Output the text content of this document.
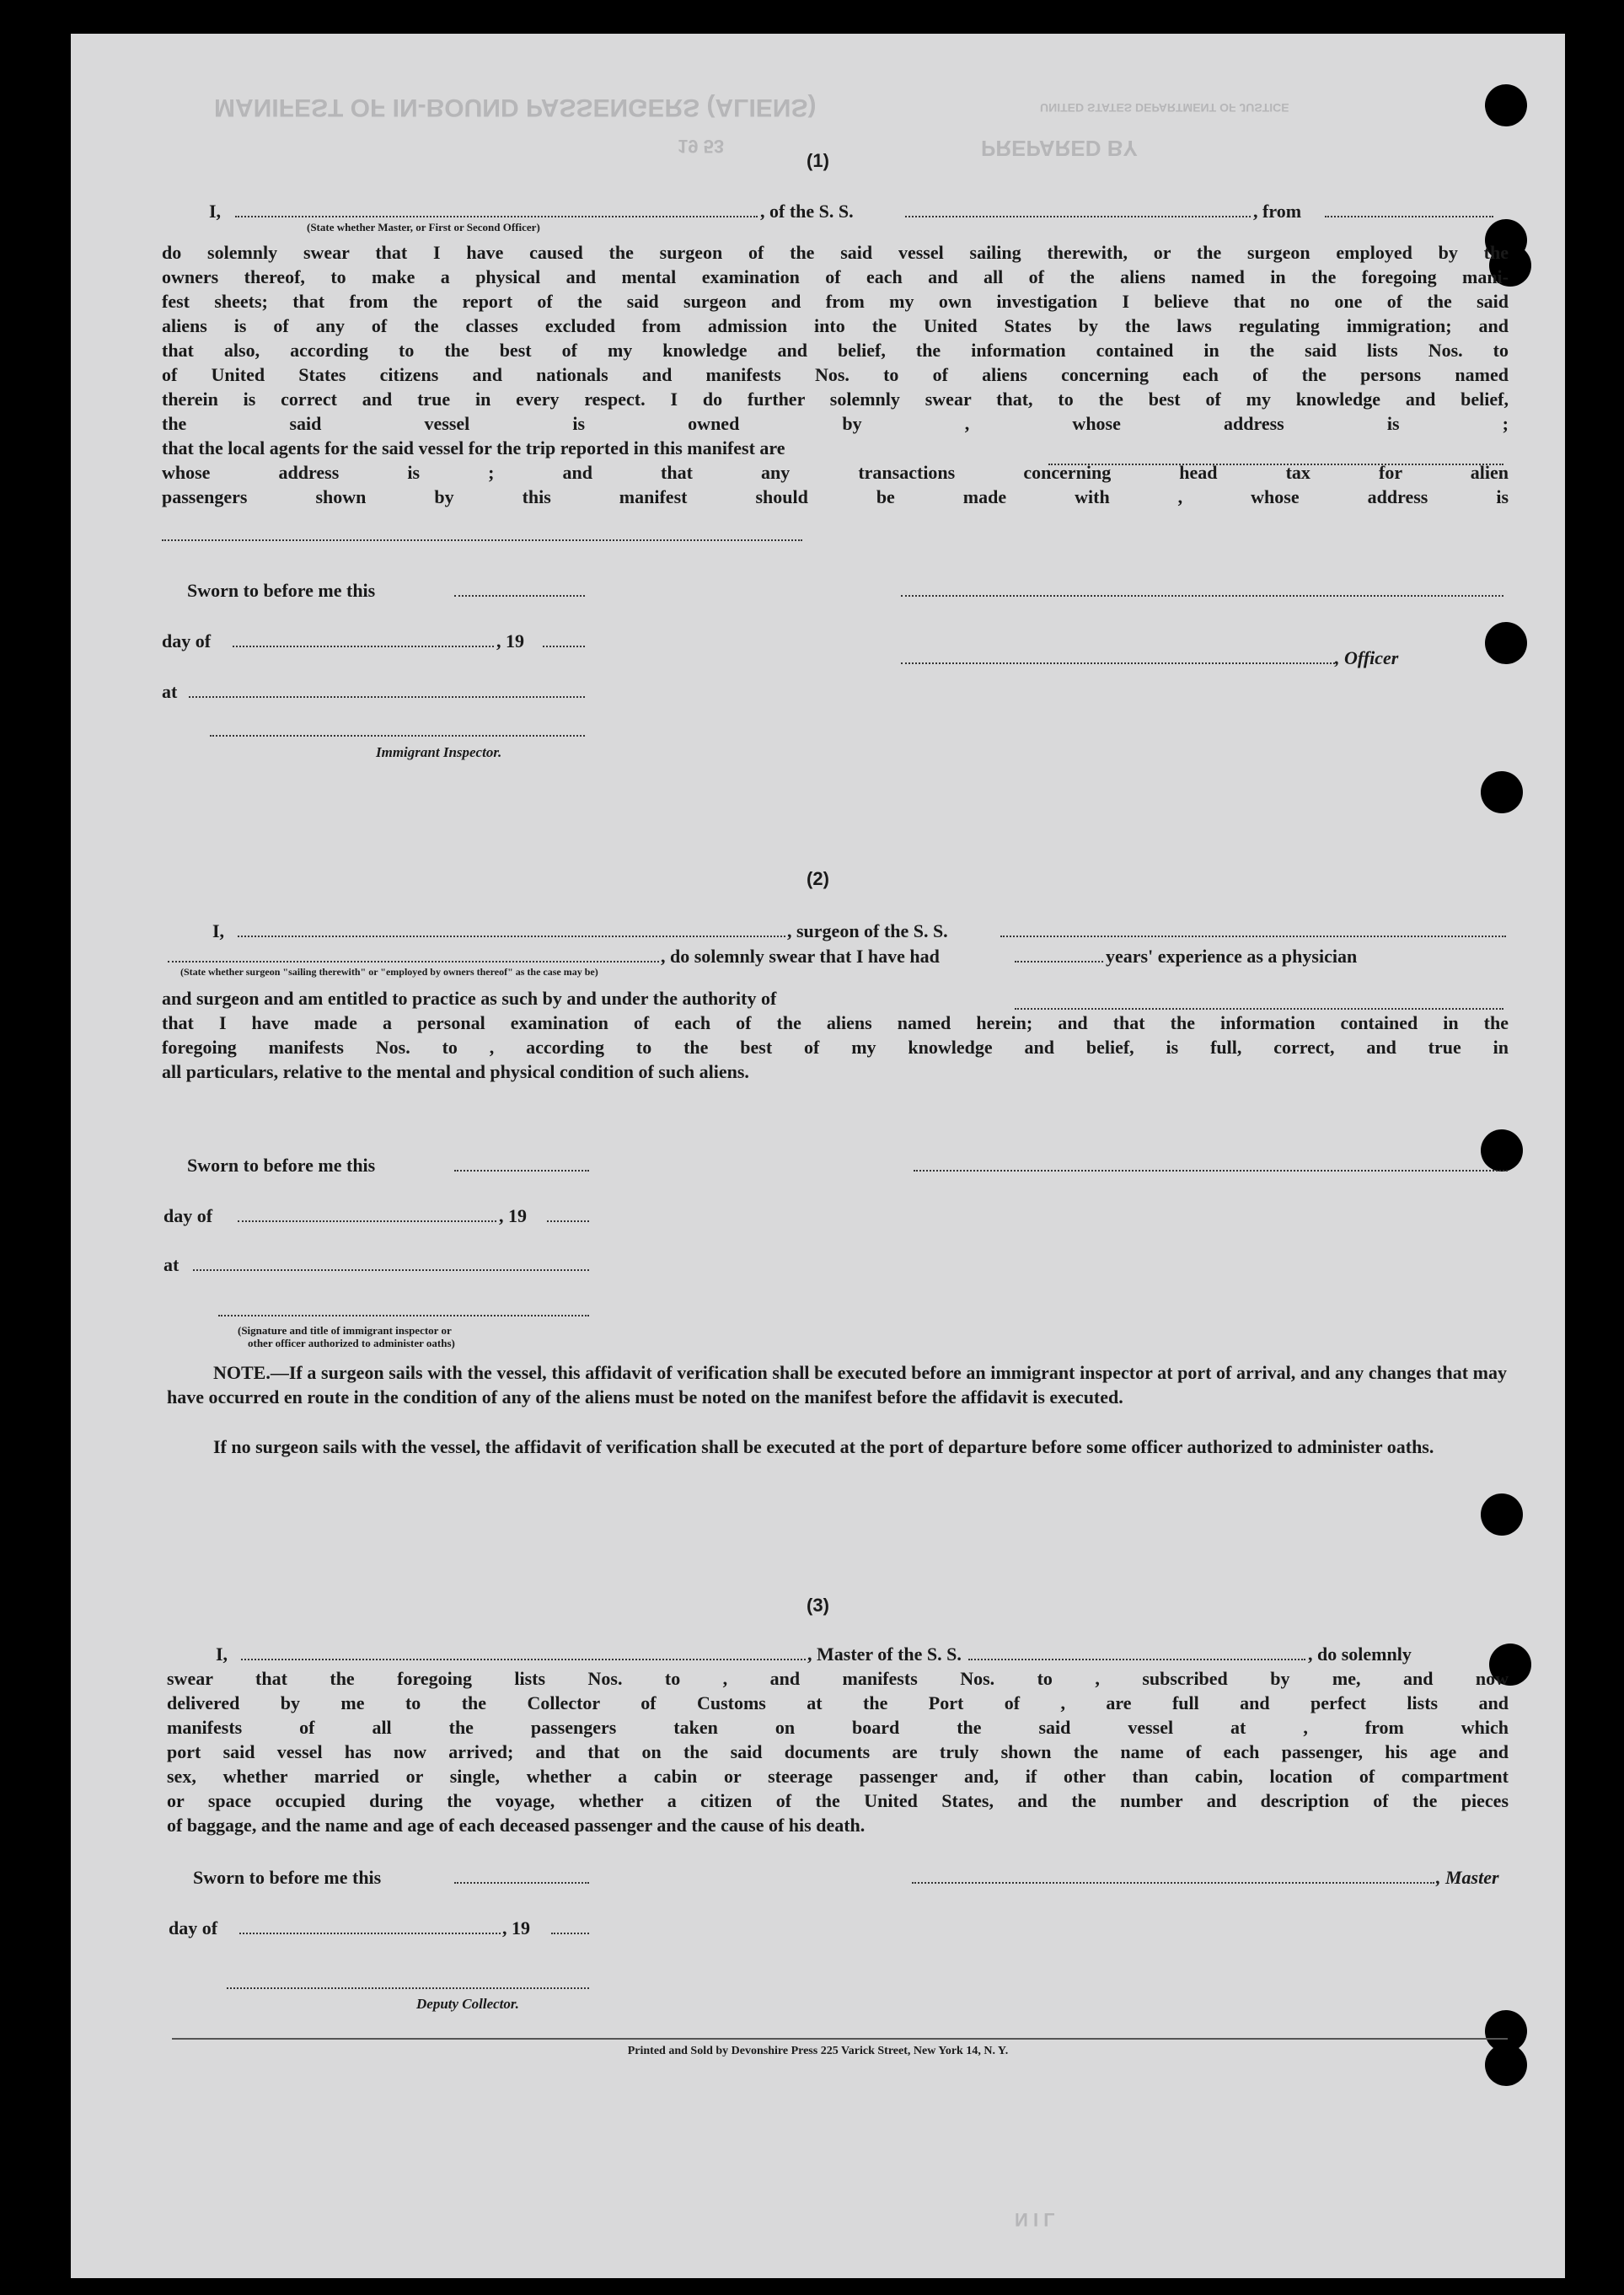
MANIFEST OF IN-BOUND PASSENGERS (ALIENS)
PREPARED BY
UNITED STATES DEPARTMENT OF JUSTICE
19 53
N I L
(1)
I,	, of the S. S.	, from
(State whether Master, or First or Second Officer)

do solemnly swear that I have caused the surgeon of the said vessel sailing therewith, or the surgeon employed by the

owners thereof, to make a physical and mental examination of each and all of the aliens named in the foregoing mani-

fest sheets; that from the report of the said surgeon and from my own investigation I believe that no one of the said

aliens is of any of the classes excluded from admission into the United States by the laws regulating immigration; and

that also, according to the best of my knowledge and belief, the information contained in the said lists Nos. to

of United States citizens and nationals and manifests Nos. to of aliens concerning each of the persons named

therein is correct and true in every respect. I do further solemnly swear that, to the best of my knowledge and belief,

the said vessel is owned by , whose address is ;

that the local agents for the said vessel for the trip reported in this manifest are

whose address is ; and that any transactions concerning head tax for alien

passengers shown by this manifest should be made with , whose address is

Sworn to before me this
day of	, 19
at
, Officer
Immigrant Inspector.
(2)
I,	, surgeon of the S. S.
, do solemnly swear that I have had	years' experience as a physician
(State whether surgeon "sailing therewith" or "employed by owners thereof" as the case may be)

and surgeon and am entitled to practice as such by and under the authority of

that I have made a personal examination of each of the aliens named herein; and that the information contained in the

foregoing manifests Nos. to , according to the best of my knowledge and belief, is full, correct, and true in

all particulars, relative to the mental and physical condition of such aliens.

Sworn to before me this
day of	, 19
at
(Signature and title of immigrant inspector or
other officer authorized to administer oaths)
NOTE.—If a surgeon sails with the vessel, this affidavit of verification shall be executed before an immigrant inspector at port of arrival, and any changes that may have occurred en route in the condition of any of the aliens must be noted on the manifest before the affidavit is executed.
If no surgeon sails with the vessel, the affidavit of verification shall be executed at the port of departure before some officer authorized to administer oaths.
(3)
I,	, Master of the S. S.	, do solemnly

swear that the foregoing lists Nos. to , and manifests Nos. to , subscribed by me, and now

delivered by me to the Collector of Customs at the Port of , are full and perfect lists and

manifests of all the passengers taken on board the said vessel at , from which

port said vessel has now arrived; and that on the said documents are truly shown the name of each passenger, his age and

sex, whether married or single, whether a cabin or steerage passenger and, if other than cabin, location of compartment

or space occupied during the voyage, whether a citizen of the United States, and the number and description of the pieces

of baggage, and the name and age of each deceased passenger and the cause of his death.

Sworn to before me this	, Master
day of	, 19
Deputy Collector.
Printed and Sold by Devonshire Press 225 Varick Street, New York 14, N. Y.
